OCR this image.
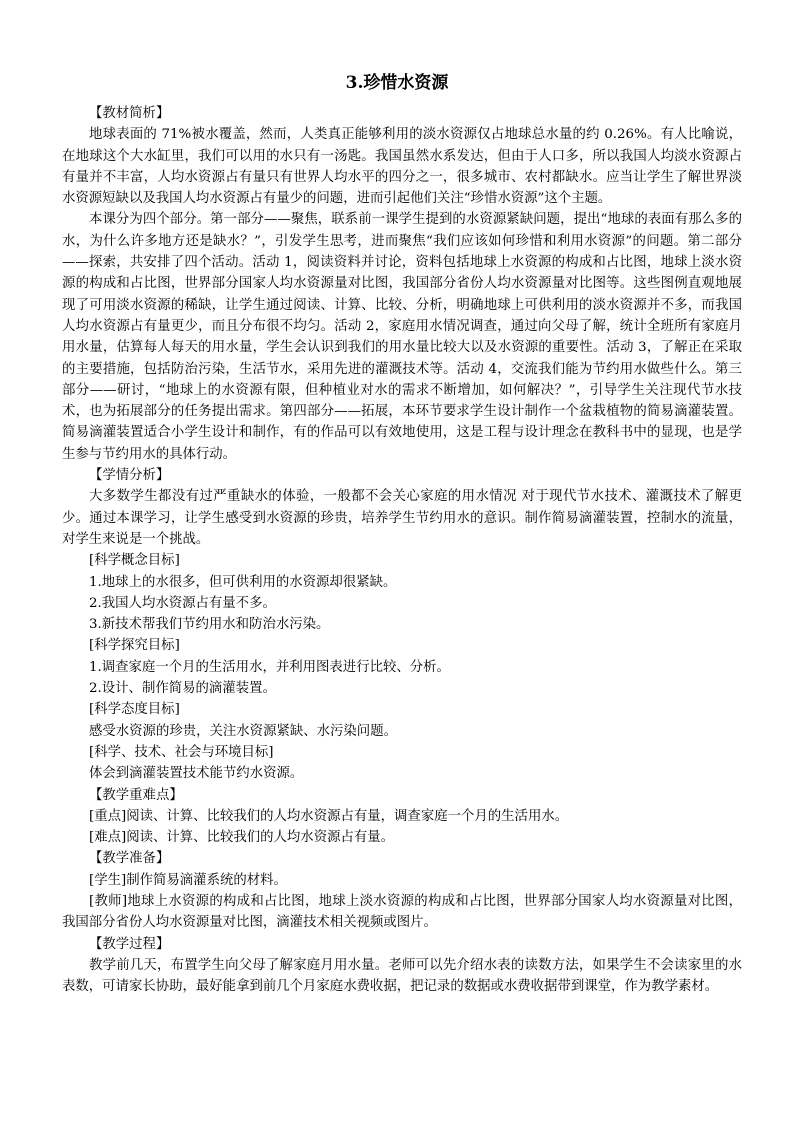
3.珍惜水资源

【教材简析】

地球表面的 71%被水覆盖，然而，人类真正能够利用的淡水资源仅占地球总水量的约 0.26%。有人比喻说，在地球这个大水缸里，我们可以用的水只有一汤匙。我国虽然水系发达，但由于人口多，所以我国人均淡水资源占有量并不丰富，人均水资源占有量只有世界人均水平的四分之一，很多城市、农村都缺水。应当让学生了解世界淡水资源短缺以及我国人均水资源占有量少的问题，进而引起他们关注“珍惜水资源”这个主题。

本课分为四个部分。第一部分——聚焦，联系前一课学生提到的水资源紧缺问题，提出“地球的表面有那么多的水，为什么许多地方还是缺水？”，引发学生思考，进而聚焦“我们应该如何珍惜和利用水资源”的问题。第二部分——探索，共安排了四个活动。活动 1，阅读资料并讨论，资料包括地球上水资源的构成和占比图，地球上淡水资源的构成和占比图，世界部分国家人均水资源量对比图，我国部分省份人均水资源量对比图等。这些图例直观地展现了可用淡水资源的稀缺，让学生通过阅读、计算、比较、分析，明确地球上可供利用的淡水资源并不多，而我国人均水资源占有量更少，而且分布很不均匀。活动 2，家庭用水情况调查，通过向父母了解，统计全班所有家庭月用水量，估算每人每天的用水量，学生会认识到我们的用水量比较大以及水资源的重要性。活动 3，了解正在采取的主要措施，包括防治污染，生活节水，采用先进的灌溉技术等。活动 4，交流我们能为节约用水做些什么。第三部分——研讨，“地球上的水资源有限，但种植业对水的需求不断增加，如何解决？”，引导学生关注现代节水技术，也为拓展部分的任务提出需求。第四部分——拓展，本环节要求学生设计制作一个盆栽植物的简易滴灌装置。简易滴灌装置适合小学生设计和制作，有的作品可以有效地使用，这是工程与设计理念在教科书中的显现，也是学生参与节约用水的具体行动。

【学情分析】

大多数学生都没有过严重缺水的体验，一般都不会关心家庭的用水情况 对于现代节水技术、灌溉技术了解更少。通过本课学习，让学生感受到水资源的珍贵，培养学生节约用水的意识。制作简易滴灌装置，控制水的流量，对学生来说是一个挑战。

[科学概念目标]

1.地球上的水很多，但可供利用的水资源却很紧缺。

2.我国人均水资源占有量不多。

3.新技术帮我们节约用水和防治水污染。

[科学探究目标]

1.调查家庭一个月的生活用水，并利用图表进行比较、分析。

2.设计、制作简易的滴灌装置。

[科学态度目标]

感受水资源的珍贵，关注水资源紧缺、水污染问题。

[科学、技术、社会与环境目标]

体会到滴灌装置技术能节约水资源。

【教学重难点】

[重点]阅读、计算、比较我们的人均水资源占有量，调查家庭一个月的生活用水。

[难点]阅读、计算、比较我们的人均水资源占有量。

【教学准备】

[学生]制作简易滴灌系统的材料。

[教师]地球上水资源的构成和占比图，地球上淡水资源的构成和占比图，世界部分国家人均水资源量对比图，我国部分省份人均水资源量对比图，滴灌技术相关视频或图片。

【教学过程】

教学前几天，布置学生向父母了解家庭月用水量。老师可以先介绍水表的读数方法，如果学生不会读家里的水表数，可请家长协助，最好能拿到前几个月家庭水费收据，把记录的数据或水费收据带到课堂，作为教学素材。
